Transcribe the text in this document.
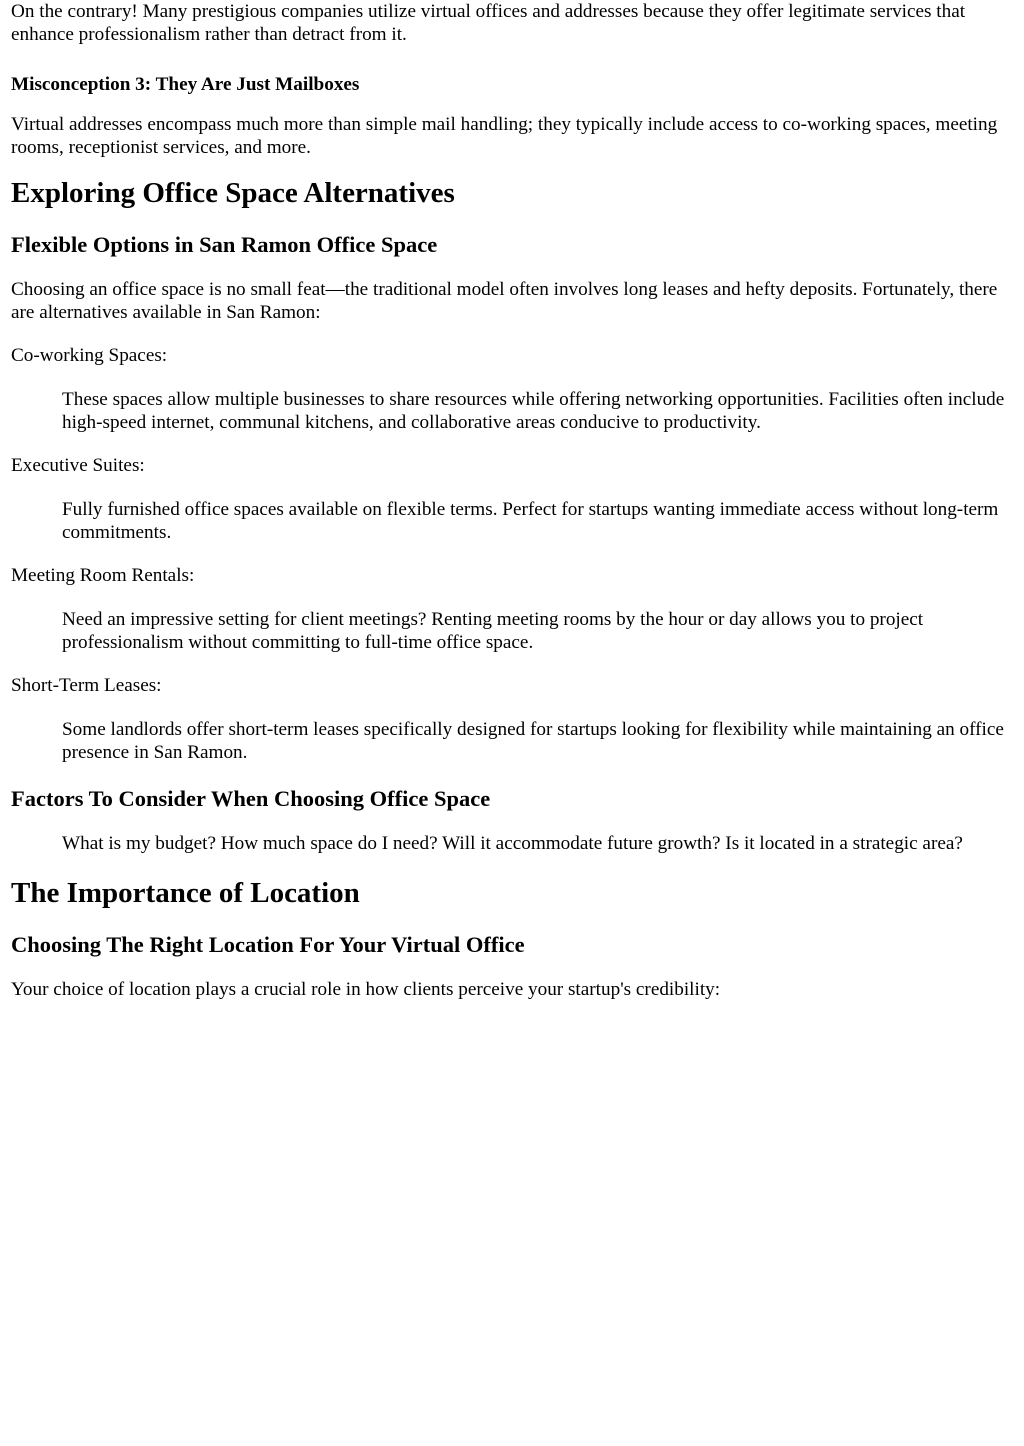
On the contrary! Many prestigious companies utilize virtual offices and addresses because they offer legitimate services that enhance professionalism rather than detract from it.

Misconception 3: They Are Just Mailboxes

Virtual addresses encompass much more than simple mail handling; they typically include access to co-working spaces, meeting rooms, receptionist services, and more.

Exploring Office Space Alternatives
Flexible Options in San Ramon Office Space

Choosing an office space is no small feat—the traditional model often involves long leases and hefty deposits. Fortunately, there are alternatives available in San Ramon:

Co-working Spaces:
These spaces allow multiple businesses to share resources while offering networking opportunities. Facilities often include high-speed internet, communal kitchens, and collaborative areas conducive to productivity.
Executive Suites:
Fully furnished office spaces available on flexible terms. Perfect for startups wanting immediate access without long-term commitments.
Meeting Room Rentals:
Need an impressive setting for client meetings? Renting meeting rooms by the hour or day allows you to project professionalism without committing to full-time office space.
Short-Term Leases:
Some landlords offer short-term leases specifically designed for startups looking for flexibility while maintaining an office presence in San Ramon.
Factors To Consider When Choosing Office Space
What is my budget? How much space do I need? Will it accommodate future growth? Is it located in a strategic area?
The Importance of Location
Choosing The Right Location For Your Virtual Office

Your choice of location plays a crucial role in how clients perceive your startup's credibility:
